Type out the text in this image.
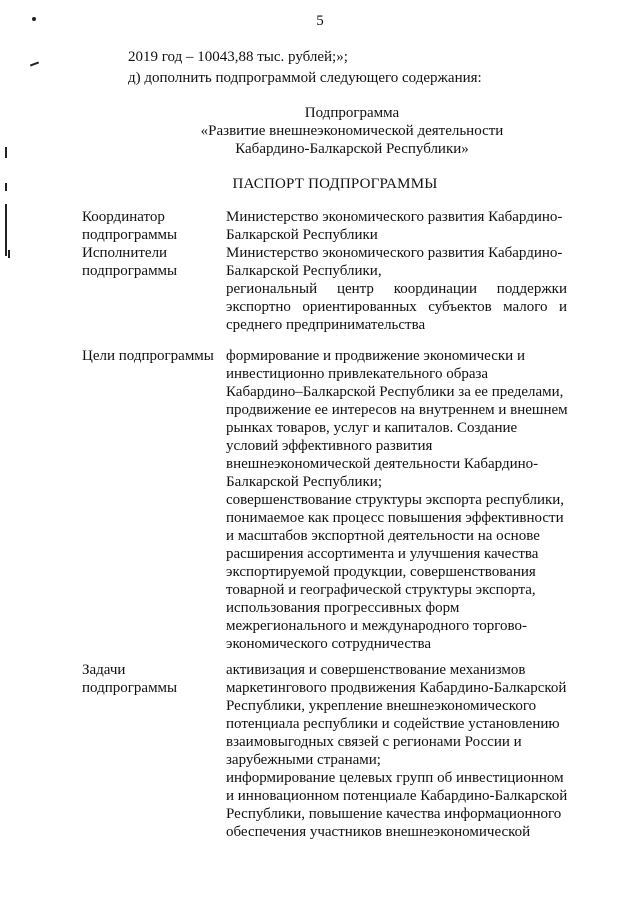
5
2019 год – 10043,88 тыс. рублей;»;
д) дополнить подпрограммой следующего содержания:
Подпрограмма
«Развитие внешнеэкономической деятельности
Кабардино-Балкарской Республики»
ПАСПОРТ ПОДПРОГРАММЫ
Координатор
подпрограммы
Министерство экономического развития Кабардино-
Балкарской Республики
Исполнители
подпрограммы
Министерство экономического развития Кабардино-
Балкарской Республики,
региональный центр координации поддержки
экспортно ориентированных субъектов малого и
среднего предпринимательства
Цели подпрограммы формирование и продвижение экономически и
инвестиционно привлекательного образа
Кабардино–Балкарской Республики за ее пределами,
продвижение ее интересов на внутреннем и внешнем
рынках товаров, услуг и капиталов. Создание
условий эффективного развития
внешнеэкономической деятельности Кабардино-
Балкарской Республики;
совершенствование структуры экспорта республики,
понимаемое как процесс повышения эффективности
и масштабов экспортной деятельности на основе
расширения ассортимента и улучшения качества
экспортируемой продукции, совершенствования
товарной и географической структуры экспорта,
использования прогрессивных форм
межрегионального и международного торгово-
экономического сотрудничества
Задачи
подпрограммы
активизация и совершенствование механизмов
маркетингового продвижения Кабардино-Балкарской
Республики, укрепление внешнеэкономического
потенциала республики и содействие установлению
взаимовыгодных связей с регионами России и
зарубежными странами;
информирование целевых групп об инвестиционном
и инновационном потенциале Кабардино-Балкарской
Республики, повышение качества информационного
обеспечения участников внешнеэкономической
